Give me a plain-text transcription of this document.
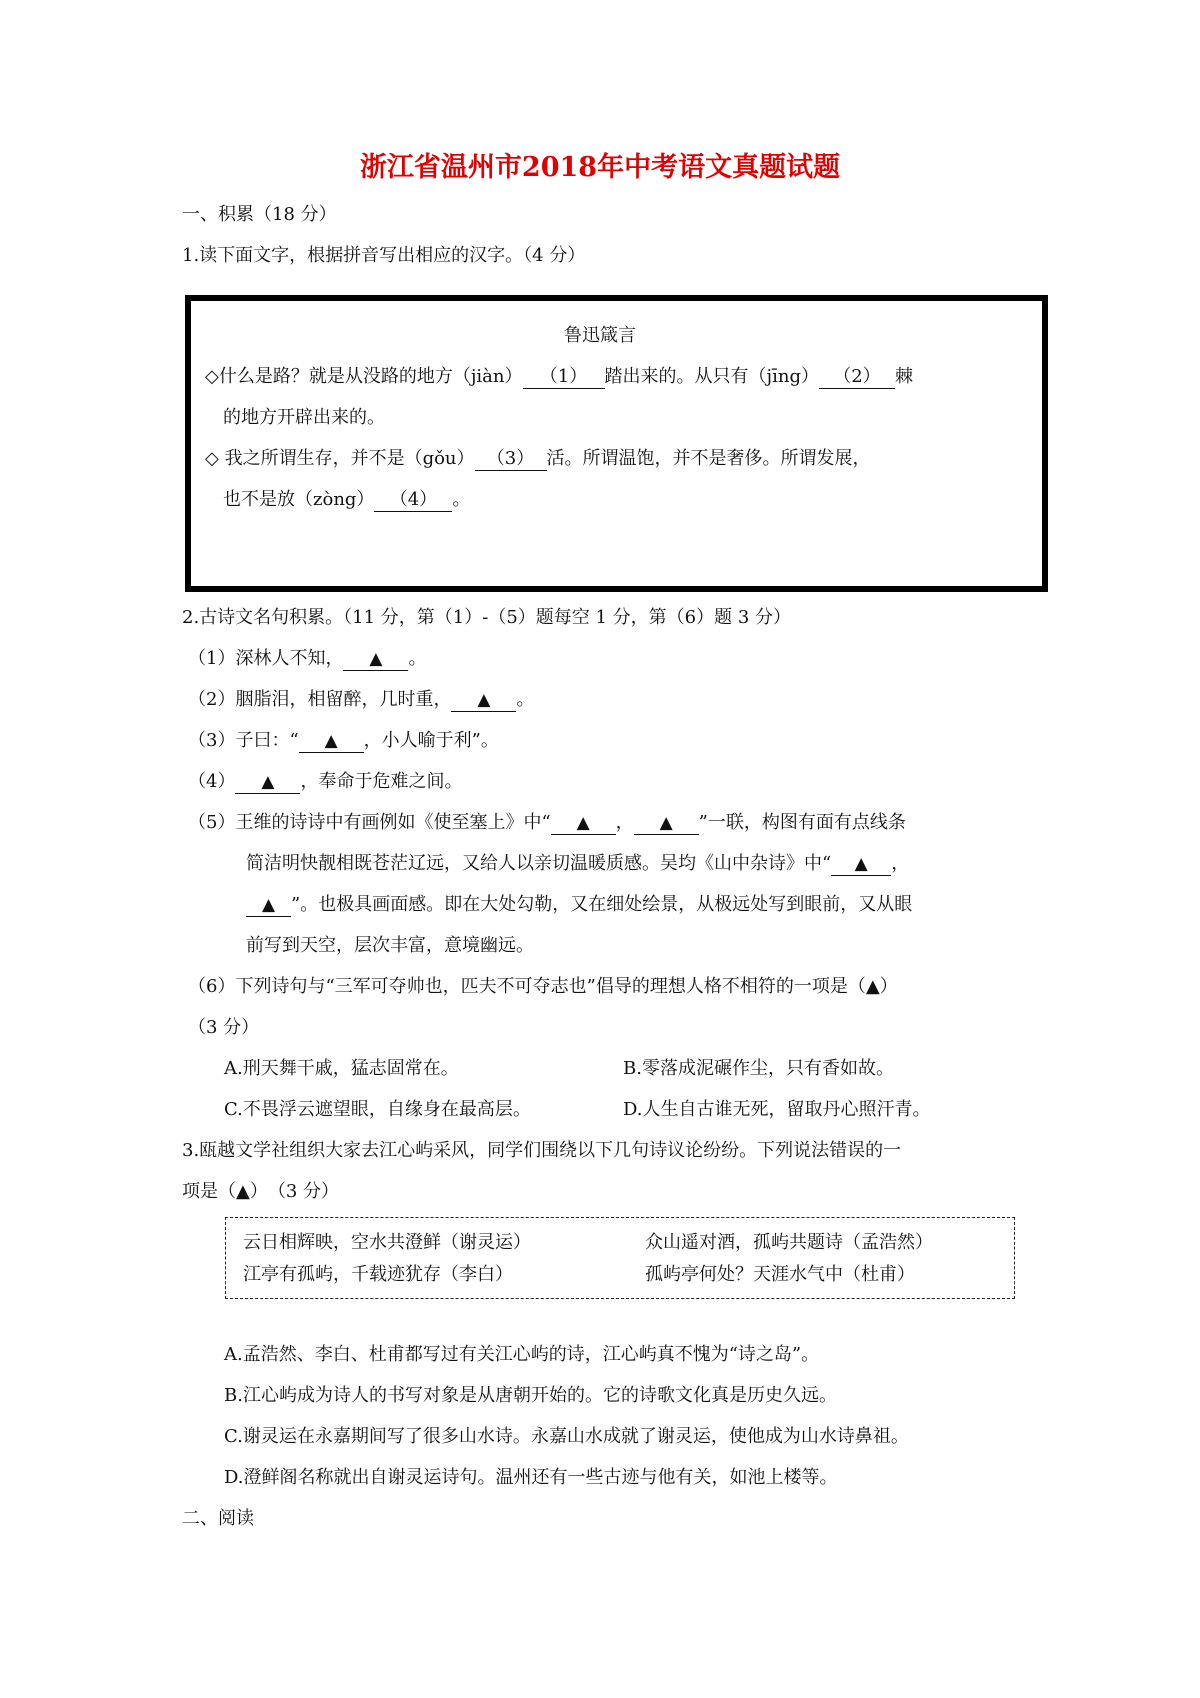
浙江省温州市2018年中考语文真题试题
一、积累（18 分）
1.读下面文字，根据拼音写出相应的汉字。（4 分）
鲁迅箴言
◇什么是路？就是从没路的地方（jiàn） （1） 踏出来的。从只有（jīng） （2） 棘
的地方开辟出来的。
◇ 我之所谓生存，并不是（gǒu） （3） 活。所谓温饱，并不是奢侈。所谓发展，
也不是放（zòng） （4） 。
2.古诗文名句积累。（11 分，第（1）-（5）题每空 1 分，第（6）题 3 分）
（1）深林人不知， ▲ 。
（2）胭脂泪，相留醉，几时重， ▲ 。
（3）子曰：“ ▲ ，小人喻于利”。
（4） ▲ ，奉命于危难之间。
（5）王维的诗诗中有画例如《使至塞上》中“ ▲ ， ▲ ”一联，构图有面有点线条
简洁明快靓相既苍茫辽远，又给人以亲切温暖质感。吴均《山中杂诗》中“ ▲ ，
▲ ”。也极具画面感。即在大处勾勒，又在细处绘景，从极远处写到眼前，又从眼
前写到天空，层次丰富，意境幽远。
（6）下列诗句与“三军可夺帅也，匹夫不可夺志也”倡导的理想人格不相符的一项是（▲）
（3 分）
A.刑天舞干戚，猛志固常在。	B.零落成泥碾作尘，只有香如故。
C.不畏浮云遮望眼，自缘身在最高层。	D.人生自古谁无死，留取丹心照汗青。
3.瓯越文学社组织大家去江心屿采风，同学们围绕以下几句诗议论纷纷。下列说法错误的一
项是（▲）　（3 分）
云日相辉映，空水共澄鲜（谢灵运）	众山遥对酒，孤屿共题诗（孟浩然）
江亭有孤屿，千载迹犹存（李白）	孤屿亭何处？天涯水气中（杜甫）
A.孟浩然、李白、杜甫都写过有关江心屿的诗，江心屿真不愧为“诗之岛”。
B.江心屿成为诗人的书写对象是从唐朝开始的。它的诗歌文化真是历史久远。
C.谢灵运在永嘉期间写了很多山水诗。永嘉山水成就了谢灵运，使他成为山水诗鼻祖。
D.澄鲜阁名称就出自谢灵运诗句。温州还有一些古迹与他有关，如池上楼等。
二、阅读
